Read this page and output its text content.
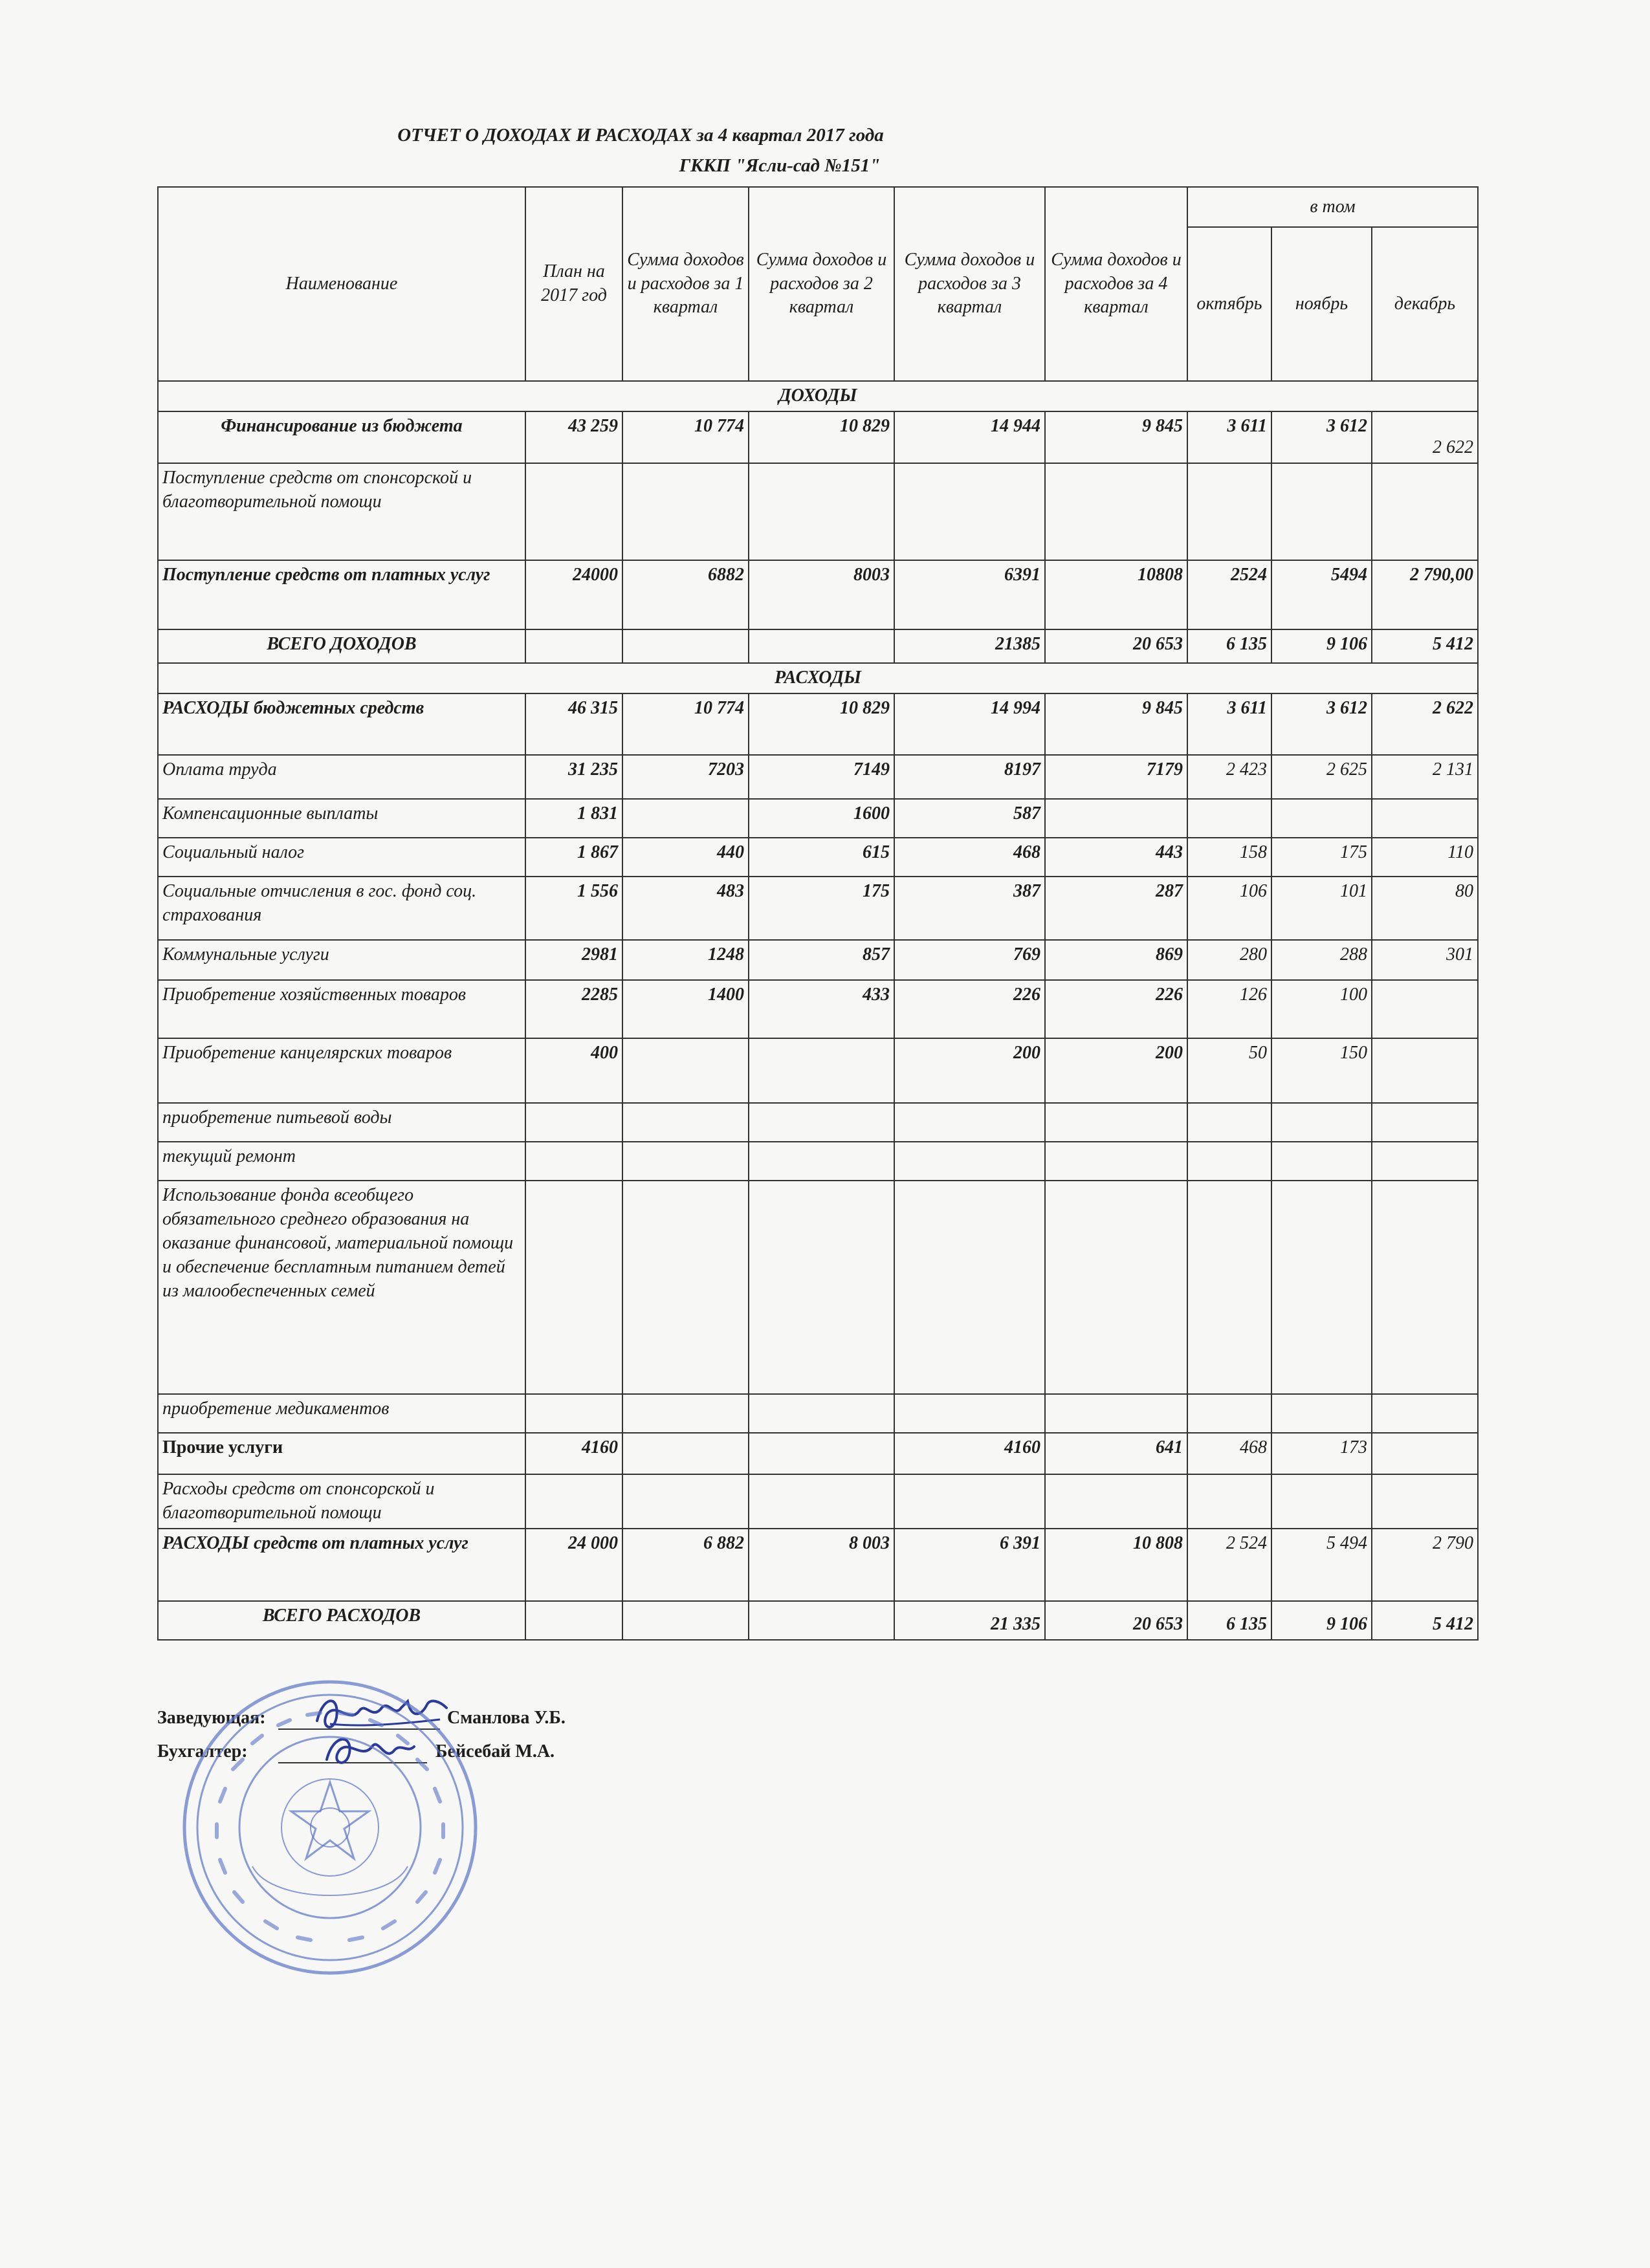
ОТЧЕТ О ДОХОДАХ И РАСХОДАХ за 4 квартал 2017 года
ГККП "Ясли-сад №151"
Наименование	План на 2017 год	Сумма доходов и расходов за 1 квартал	Сумма доходов и расходов за 2 квартал	Сумма доходов и расходов за 3 квартал	Сумма доходов и расходов за 4 квартал	в том		
						октябрь	ноябрь	декабрь
ДОХОДЫ								
Финансирование из бюджета	43 259	10 774	10 829	14 944	9 845	3 611	3 612	2 622
Поступление средств от спонсорской и благотворительной помощи								
Поступление средств от платных услуг	24000	6882	8003	6391	10808	2524	5494	2 790,00
ВСЕГО ДОХОДОВ				21385	20 653	6 135	9 106	5 412
РАСХОДЫ								
РАСХОДЫ бюджетных средств	46 315	10 774	10 829	14 994	9 845	3 611	3 612	2 622
Оплата труда	31 235	7203	7149	8197	7179	2 423	2 625	2 131
Компенсационные выплаты	1 831		1600	587				
Социальный налог	1 867	440	615	468	443	158	175	110
Социальные отчисления в гос. фонд соц. страхования	1 556	483	175	387	287	106	101	80
Коммунальные услуги	2981	1248	857	769	869	280	288	301
Приобретение хозяйственных товаров	2285	1400	433	226	226	126	100	
Приобретение канцелярских товаров	400			200	200	50	150	
приобретение питьевой воды								
текущий ремонт								
Использование фонда всеобщего обязательного среднего образования на оказание финансовой, материальной помощи и обеспечение бесплатным питанием детей из малообеспеченных семей								
приобретение медикаментов								
Прочие услуги	4160			4160	641	468	173	
Расходы средств от спонсорской и благотворительной помощи								
РАСХОДЫ средств от платных услуг	24 000	6 882	8 003	6 391	10 808	2 524	5 494	2 790
ВСЕГО РАСХОДОВ				21 335	20 653	6 135	9 106	5 412
Заведующая:	Сманлова У.Б.
Бухгалтер:	Бейсебай М.А.
